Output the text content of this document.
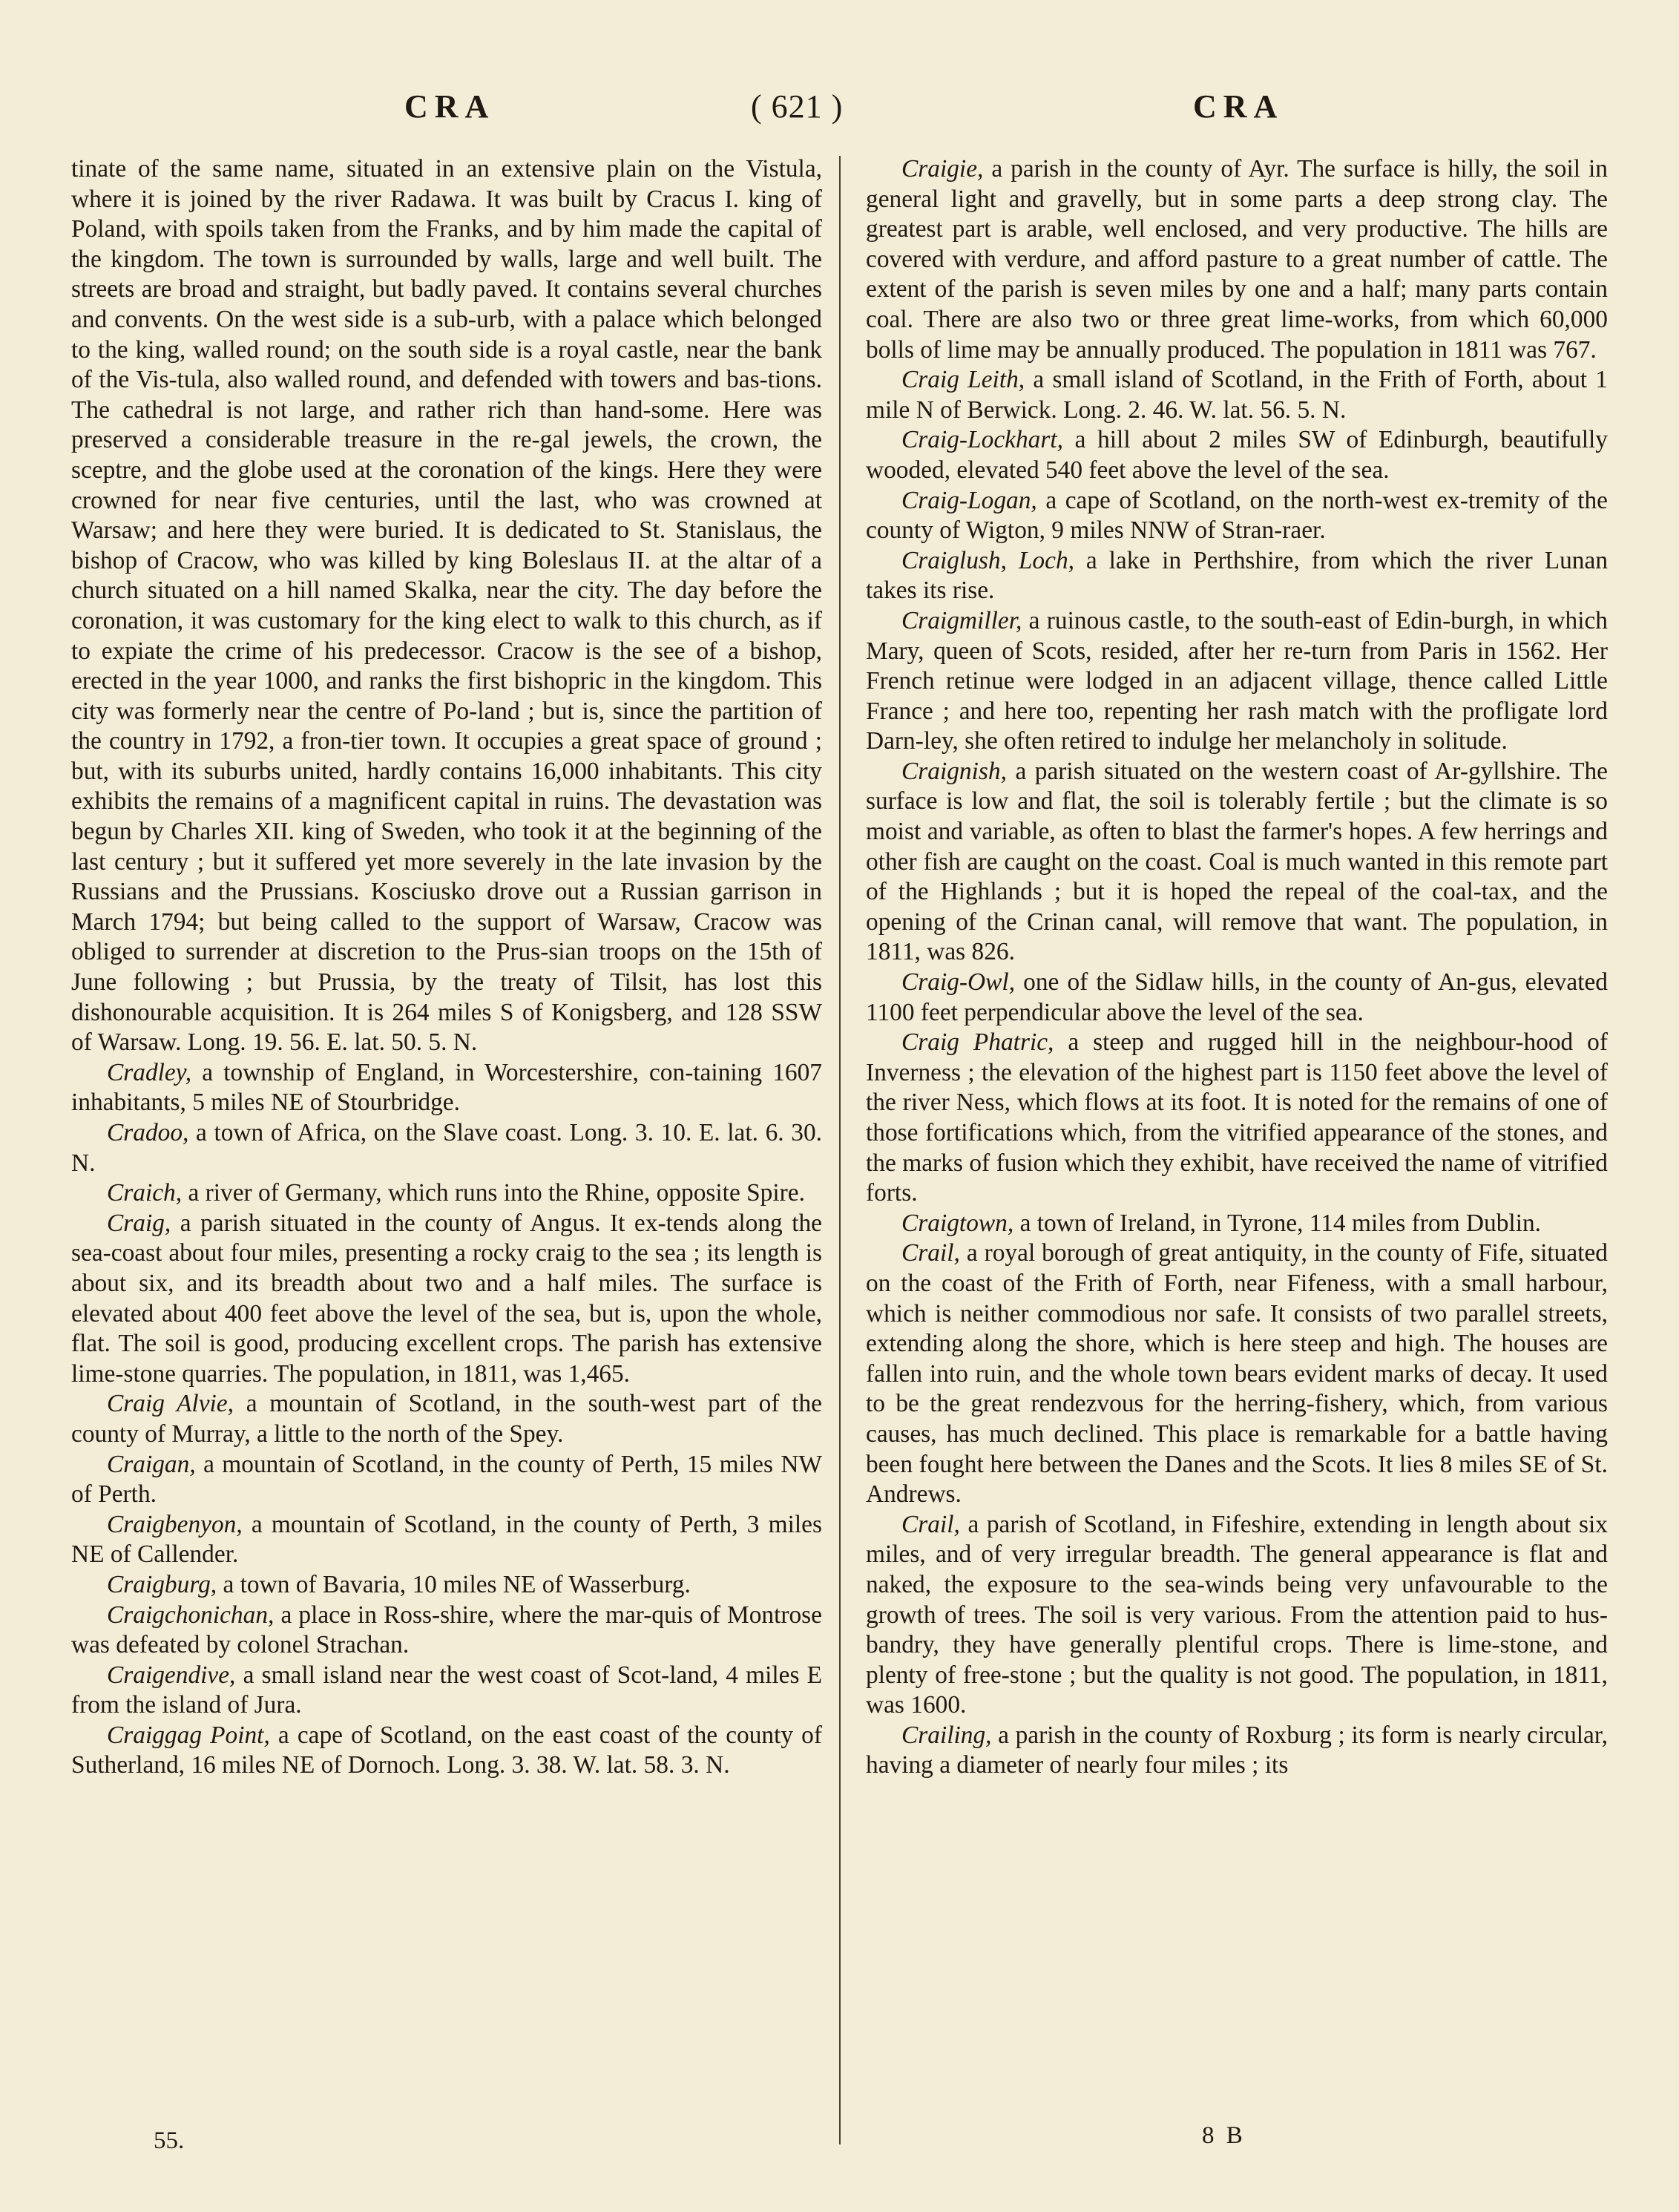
CRA	( 621 )	CRA

tinate of the same name, situated in an extensive plain on the Vistula, where it is joined by the river Radawa. It was built by Cracus I. king of Poland, with spoils taken from the Franks, and by him made the capital of the kingdom. The town is surrounded by walls, large and well built. The streets are broad and straight, but badly paved. It contains several churches and convents. On the west side is a sub-urb, with a palace which belonged to the king, walled round; on the south side is a royal castle, near the bank of the Vis-tula, also walled round, and defended with towers and bas-tions. The cathedral is not large, and rather rich than hand-some. Here was preserved a considerable treasure in the re-gal jewels, the crown, the sceptre, and the globe used at the coronation of the kings. Here they were crowned for near five centuries, until the last, who was crowned at Warsaw; and here they were buried. It is dedicated to St. Stanislaus, the bishop of Cracow, who was killed by king Boleslaus II. at the altar of a church situated on a hill named Skalka, near the city. The day before the coronation, it was customary for the king elect to walk to this church, as if to expiate the crime of his predecessor. Cracow is the see of a bishop, erected in the year 1000, and ranks the first bishopric in the kingdom. This city was formerly near the centre of Po-land ; but is, since the partition of the country in 1792, a fron-tier town. It occupies a great space of ground ; but, with its suburbs united, hardly contains 16,000 inhabitants. This city exhibits the remains of a magnificent capital in ruins. The devastation was begun by Charles XII. king of Sweden, who took it at the beginning of the last century ; but it suffered yet more severely in the late invasion by the Russians and the Prussians. Kosciusko drove out a Russian garrison in March 1794; but being called to the support of Warsaw, Cracow was obliged to surrender at discretion to the Prus-sian troops on the 15th of June following ; but Prussia, by the treaty of Tilsit, has lost this dishonourable acquisition. It is 264 miles S of Konigsberg, and 128 SSW of Warsaw. Long. 19. 56. E. lat. 50. 5. N.

Cradley, a township of England, in Worcestershire, con-taining 1607 inhabitants, 5 miles NE of Stourbridge.

Cradoo, a town of Africa, on the Slave coast. Long. 3. 10. E. lat. 6. 30. N.

Craich, a river of Germany, which runs into the Rhine, opposite Spire.

Craig, a parish situated in the county of Angus. It ex-tends along the sea-coast about four miles, presenting a rocky craig to the sea ; its length is about six, and its breadth about two and a half miles. The surface is elevated about 400 feet above the level of the sea, but is, upon the whole, flat. The soil is good, producing excellent crops. The parish has extensive lime-stone quarries. The population, in 1811, was 1,465.

Craig Alvie, a mountain of Scotland, in the south-west part of the county of Murray, a little to the north of the Spey.

Craigan, a mountain of Scotland, in the county of Perth, 15 miles NW of Perth.

Craigbenyon, a mountain of Scotland, in the county of Perth, 3 miles NE of Callender.

Craigburg, a town of Bavaria, 10 miles NE of Wasserburg.

Craigchonichan, a place in Ross-shire, where the mar-quis of Montrose was defeated by colonel Strachan.

Craigendive, a small island near the west coast of Scot-land, 4 miles E from the island of Jura.

Craiggag Point, a cape of Scotland, on the east coast of the county of Sutherland, 16 miles NE of Dornoch. Long. 3. 38. W. lat. 58. 3. N.

Craigie, a parish in the county of Ayr. The surface is hilly, the soil in general light and gravelly, but in some parts a deep strong clay. The greatest part is arable, well enclosed, and very productive. The hills are covered with verdure, and afford pasture to a great number of cattle. The extent of the parish is seven miles by one and a half; many parts contain coal. There are also two or three great lime-works, from which 60,000 bolls of lime may be annually produced. The population in 1811 was 767.

Craig Leith, a small island of Scotland, in the Frith of Forth, about 1 mile N of Berwick. Long. 2. 46. W. lat. 56. 5. N.

Craig-Lockhart, a hill about 2 miles SW of Edinburgh, beautifully wooded, elevated 540 feet above the level of the sea.

Craig-Logan, a cape of Scotland, on the north-west ex-tremity of the county of Wigton, 9 miles NNW of Stran-raer.

Craiglush, Loch, a lake in Perthshire, from which the river Lunan takes its rise.

Craigmiller, a ruinous castle, to the south-east of Edin-burgh, in which Mary, queen of Scots, resided, after her re-turn from Paris in 1562. Her French retinue were lodged in an adjacent village, thence called Little France ; and here too, repenting her rash match with the profligate lord Darn-ley, she often retired to indulge her melancholy in solitude.

Craignish, a parish situated on the western coast of Ar-gyllshire. The surface is low and flat, the soil is tolerably fertile ; but the climate is so moist and variable, as often to blast the farmer's hopes. A few herrings and other fish are caught on the coast. Coal is much wanted in this remote part of the Highlands ; but it is hoped the repeal of the coal-tax, and the opening of the Crinan canal, will remove that want. The population, in 1811, was 826.

Craig-Owl, one of the Sidlaw hills, in the county of An-gus, elevated 1100 feet perpendicular above the level of the sea.

Craig Phatric, a steep and rugged hill in the neighbour-hood of Inverness ; the elevation of the highest part is 1150 feet above the level of the river Ness, which flows at its foot. It is noted for the remains of one of those fortifications which, from the vitrified appearance of the stones, and the marks of fusion which they exhibit, have received the name of vitrified forts.

Craigtown, a town of Ireland, in Tyrone, 114 miles from Dublin.

Crail, a royal borough of great antiquity, in the county of Fife, situated on the coast of the Frith of Forth, near Fifeness, with a small harbour, which is neither commodious nor safe. It consists of two parallel streets, extending along the shore, which is here steep and high. The houses are fallen into ruin, and the whole town bears evident marks of decay. It used to be the great rendezvous for the herring-fishery, which, from various causes, has much declined. This place is remarkable for a battle having been fought here between the Danes and the Scots. It lies 8 miles SE of St. Andrews.

Crail, a parish of Scotland, in Fifeshire, extending in length about six miles, and of very irregular breadth. The general appearance is flat and naked, the exposure to the sea-winds being very unfavourable to the growth of trees. The soil is very various. From the attention paid to hus-bandry, they have generally plentiful crops. There is lime-stone, and plenty of free-stone ; but the quality is not good. The population, in 1811, was 1600.

Crailing, a parish in the county of Roxburg ; its form is nearly circular, having a diameter of nearly four miles ; its

55.	8 B
